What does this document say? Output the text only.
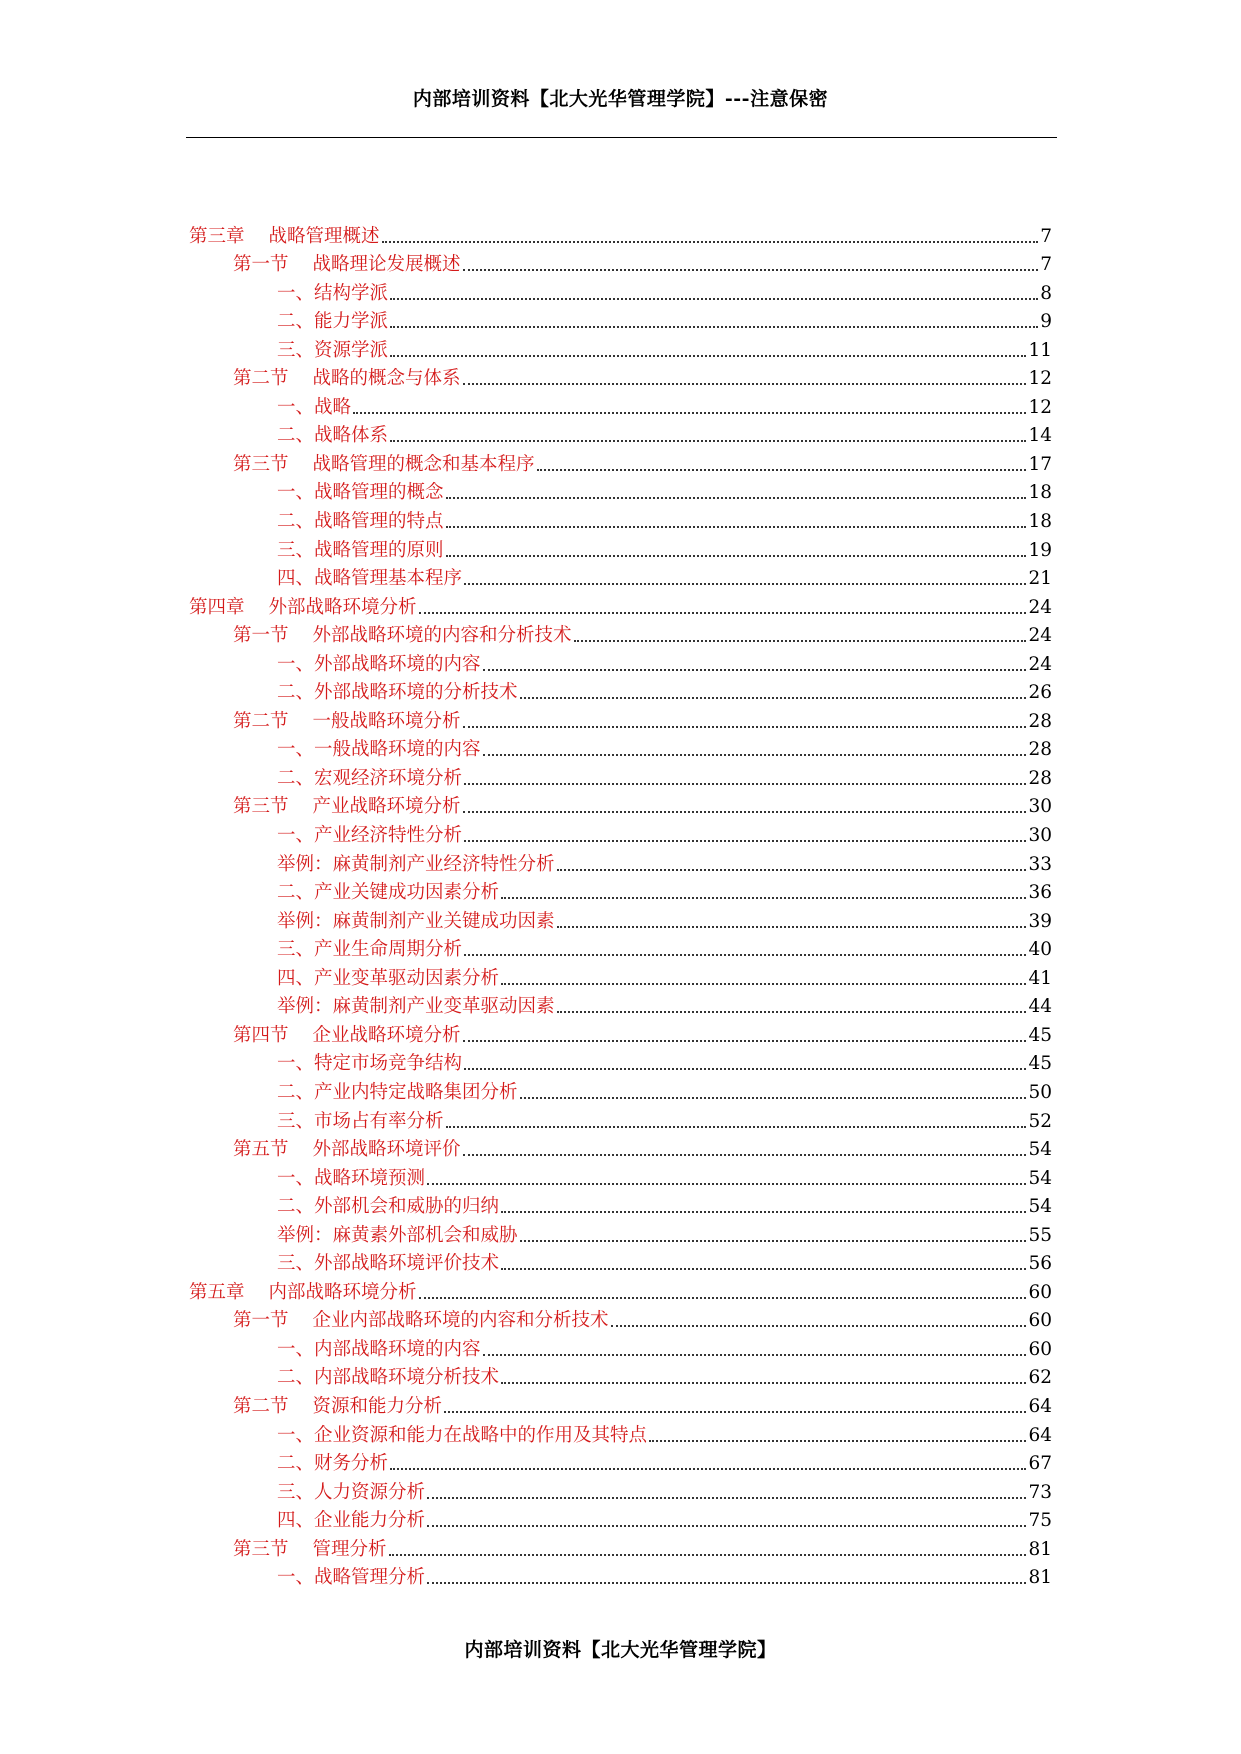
内部培训资料【北大光华管理学院】---注意保密
第三章 战略管理概述	7
第一节 战略理论发展概述	7
一、结构学派	8
二、能力学派	9
三、资源学派	11
第二节 战略的概念与体系	12
一、战略	12
二、战略体系	14
第三节 战略管理的概念和基本程序	17
一、战略管理的概念	18
二、战略管理的特点	18
三、战略管理的原则	19
四、战略管理基本程序	21
第四章 外部战略环境分析	24
第一节 外部战略环境的内容和分析技术	24
一、外部战略环境的内容	24
二、外部战略环境的分析技术	26
第二节 一般战略环境分析	28
一、一般战略环境的内容	28
二、宏观经济环境分析	28
第三节 产业战略环境分析	30
一、产业经济特性分析	30
举例：麻黄制剂产业经济特性分析	33
二、产业关键成功因素分析	36
举例：麻黄制剂产业关键成功因素	39
三、产业生命周期分析	40
四、产业变革驱动因素分析	41
举例：麻黄制剂产业变革驱动因素	44
第四节 企业战略环境分析	45
一、特定市场竞争结构	45
二、产业内特定战略集团分析	50
三、市场占有率分析	52
第五节 外部战略环境评价	54
一、战略环境预测	54
二、外部机会和威胁的归纳	54
举例：麻黄素外部机会和威胁	55
三、外部战略环境评价技术	56
第五章 内部战略环境分析	60
第一节 企业内部战略环境的内容和分析技术	60
一、内部战略环境的内容	60
二、内部战略环境分析技术	62
第二节 资源和能力分析	64
一、企业资源和能力在战略中的作用及其特点	64
二、财务分析	67
三、人力资源分析	73
四、企业能力分析	75
第三节 管理分析	81
一、战略管理分析	81
内部培训资料【北大光华管理学院】
